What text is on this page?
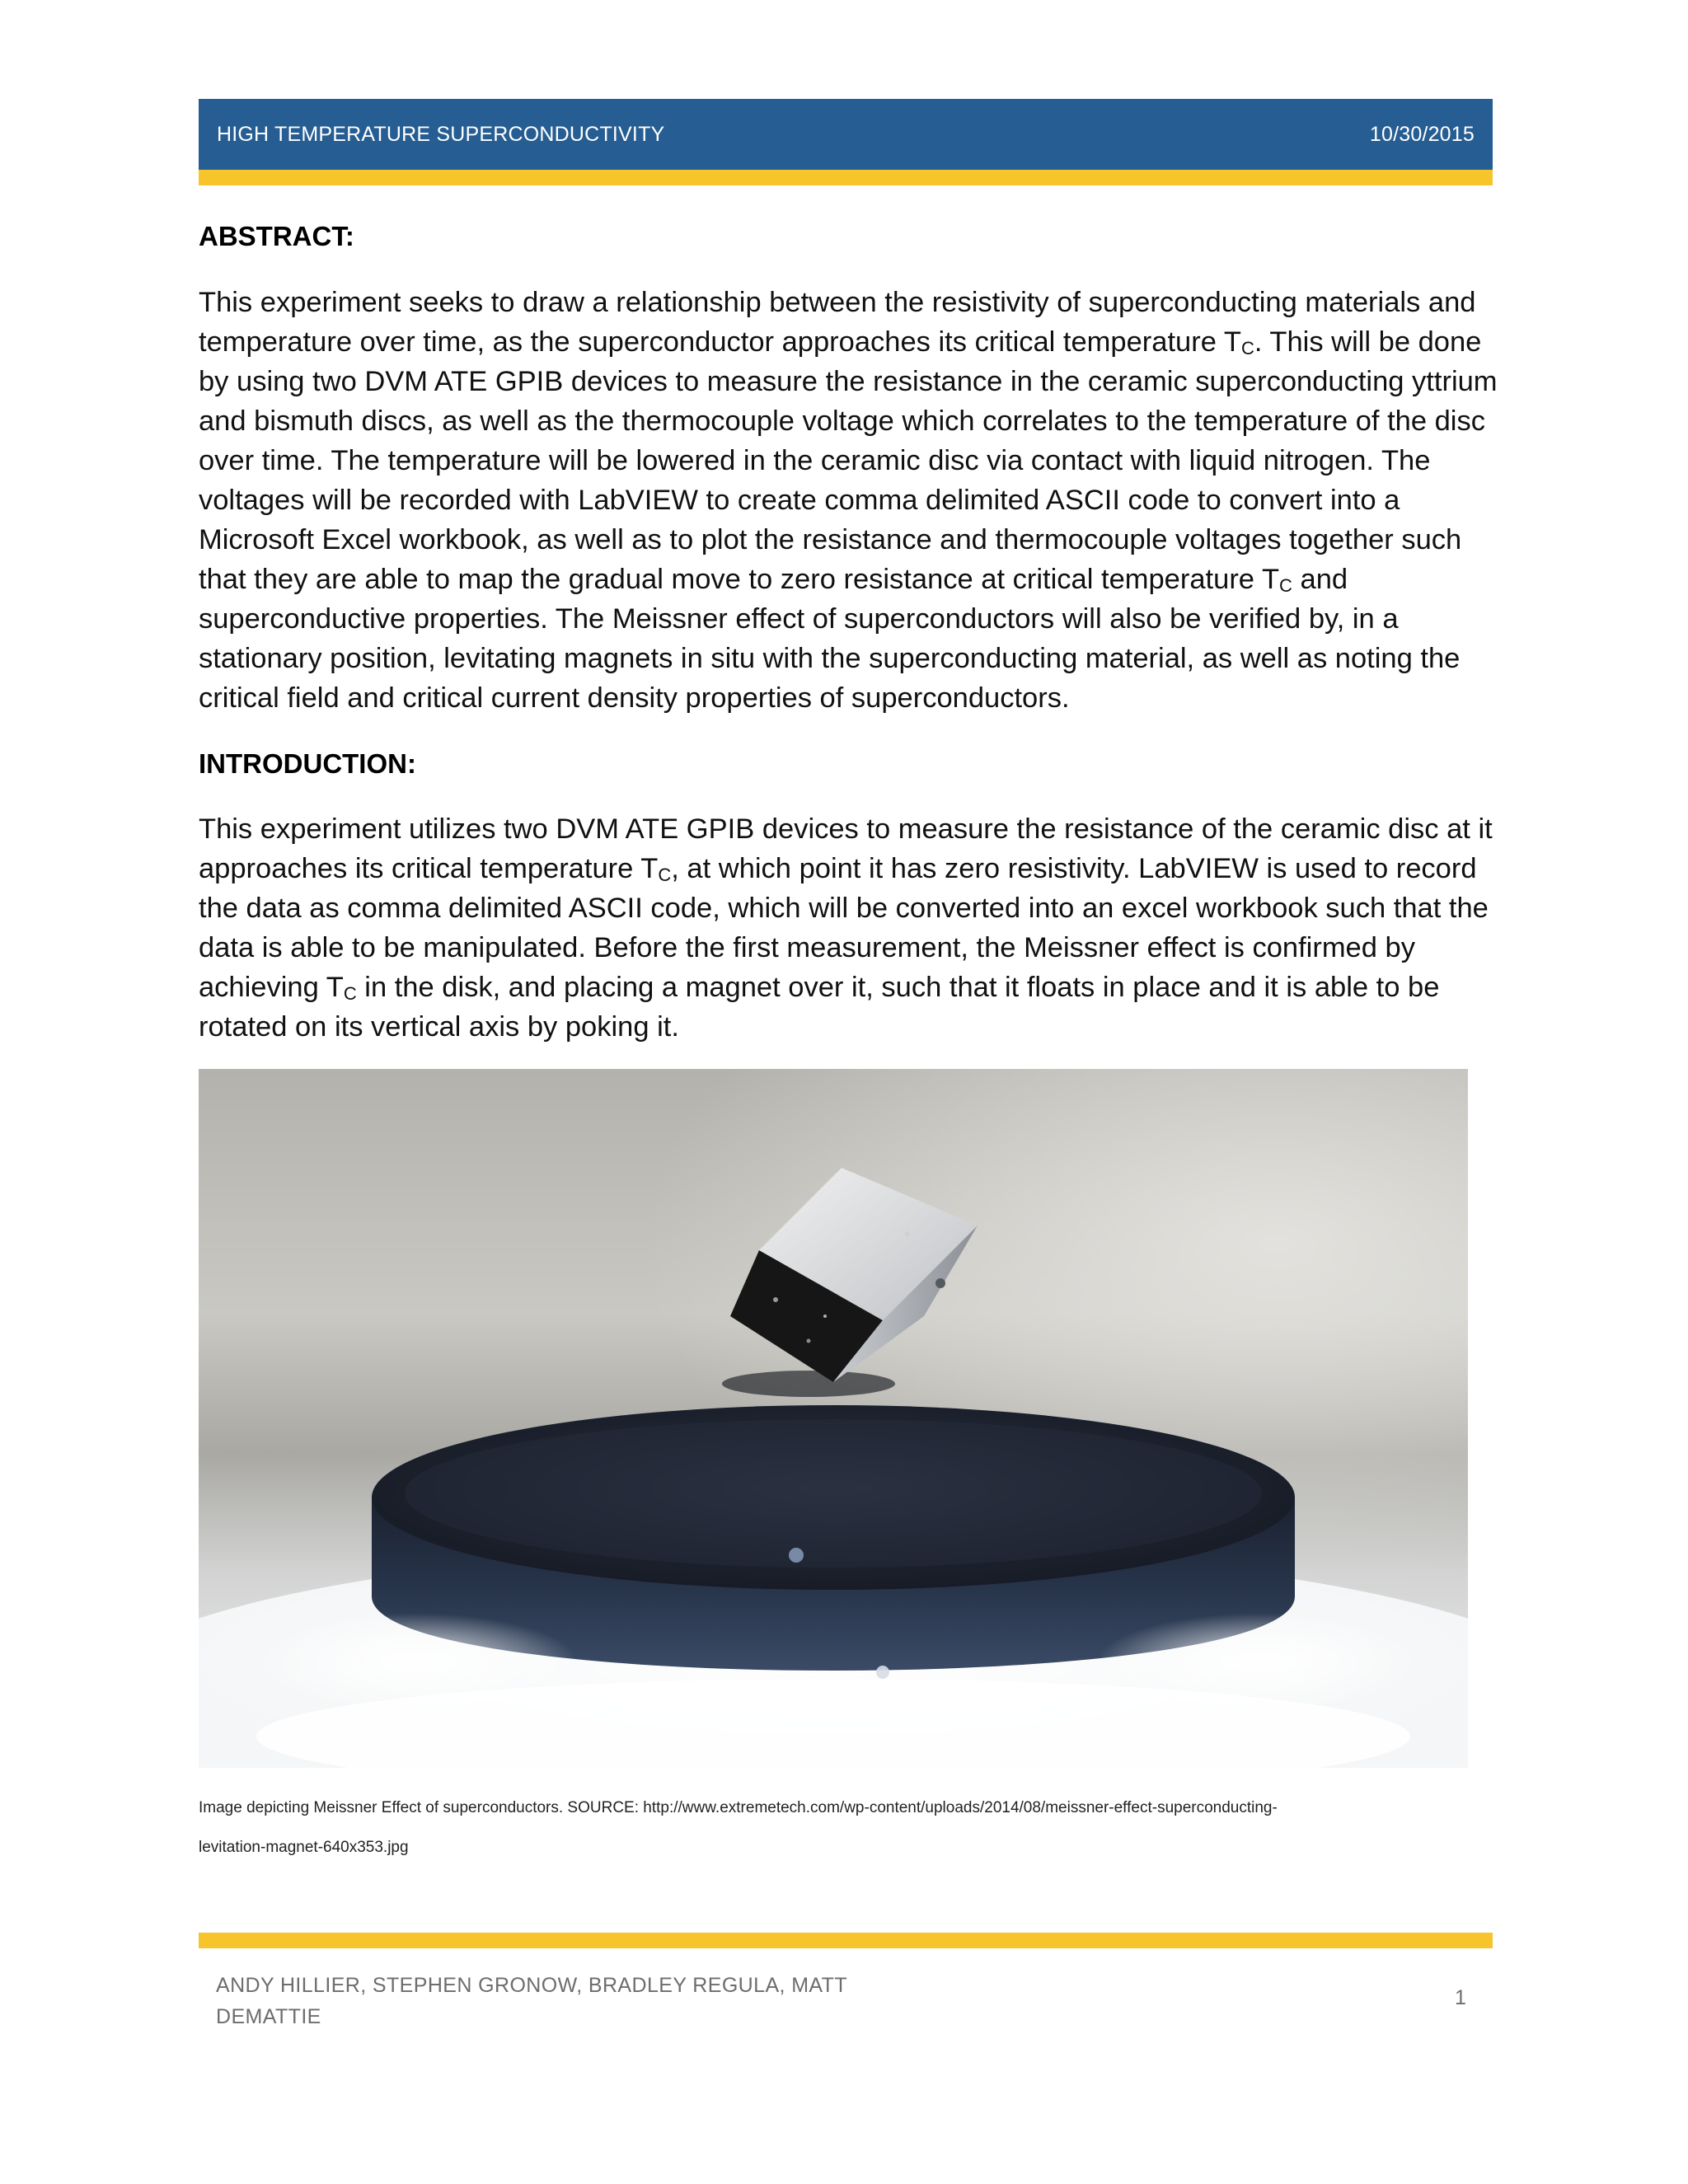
HIGH TEMPERATURE SUPERCONDUCTIVITY	10/30/2015
ABSTRACT:
This experiment seeks to draw a relationship between the resistivity of superconducting materials and
temperature over time, as the superconductor approaches its critical temperature $T_C$. This will be done
by using two DVM ATE GPIB devices to measure the resistance in the ceramic superconducting yttrium
and bismuth discs, as well as the thermocouple voltage which correlates to the temperature of the disc
over time. The temperature will be lowered in the ceramic disc via contact with liquid nitrogen. The
voltages will be recorded with LabVIEW to create comma delimited ASCII code to convert into a
Microsoft Excel workbook, as well as to plot the resistance and thermocouple voltages together such
that they are able to map the gradual move to zero resistance at critical temperature $T_C$ and
superconductive properties. The Meissner effect of superconductors will also be verified by, in a
stationary position, levitating magnets in situ with the superconducting material, as well as noting the
critical field and critical current density properties of superconductors.
INTRODUCTION:
This experiment utilizes two DVM ATE GPIB devices to measure the resistance of the ceramic disc at it
approaches its critical temperature $T_C$, at which point it has zero resistivity. LabVIEW is used to record
the data as comma delimited ASCII code, which will be converted into an excel workbook such that the
data is able to be manipulated. Before the first measurement, the Meissner effect is confirmed by
achieving $T_C$ in the disk, and placing a magnet over it, such that it floats in place and it is able to be
rotated on its vertical axis by poking it.
Image depicting Meissner Effect of superconductors. SOURCE: http://www.extremetech.com/wp-content/uploads/2014/08/meissner-effect-superconducting-
levitation-magnet-640x353.jpg
ANDY HILLIER, STEPHEN GRONOW, BRADLEY REGULA, MATT
DEMATTIE
1
